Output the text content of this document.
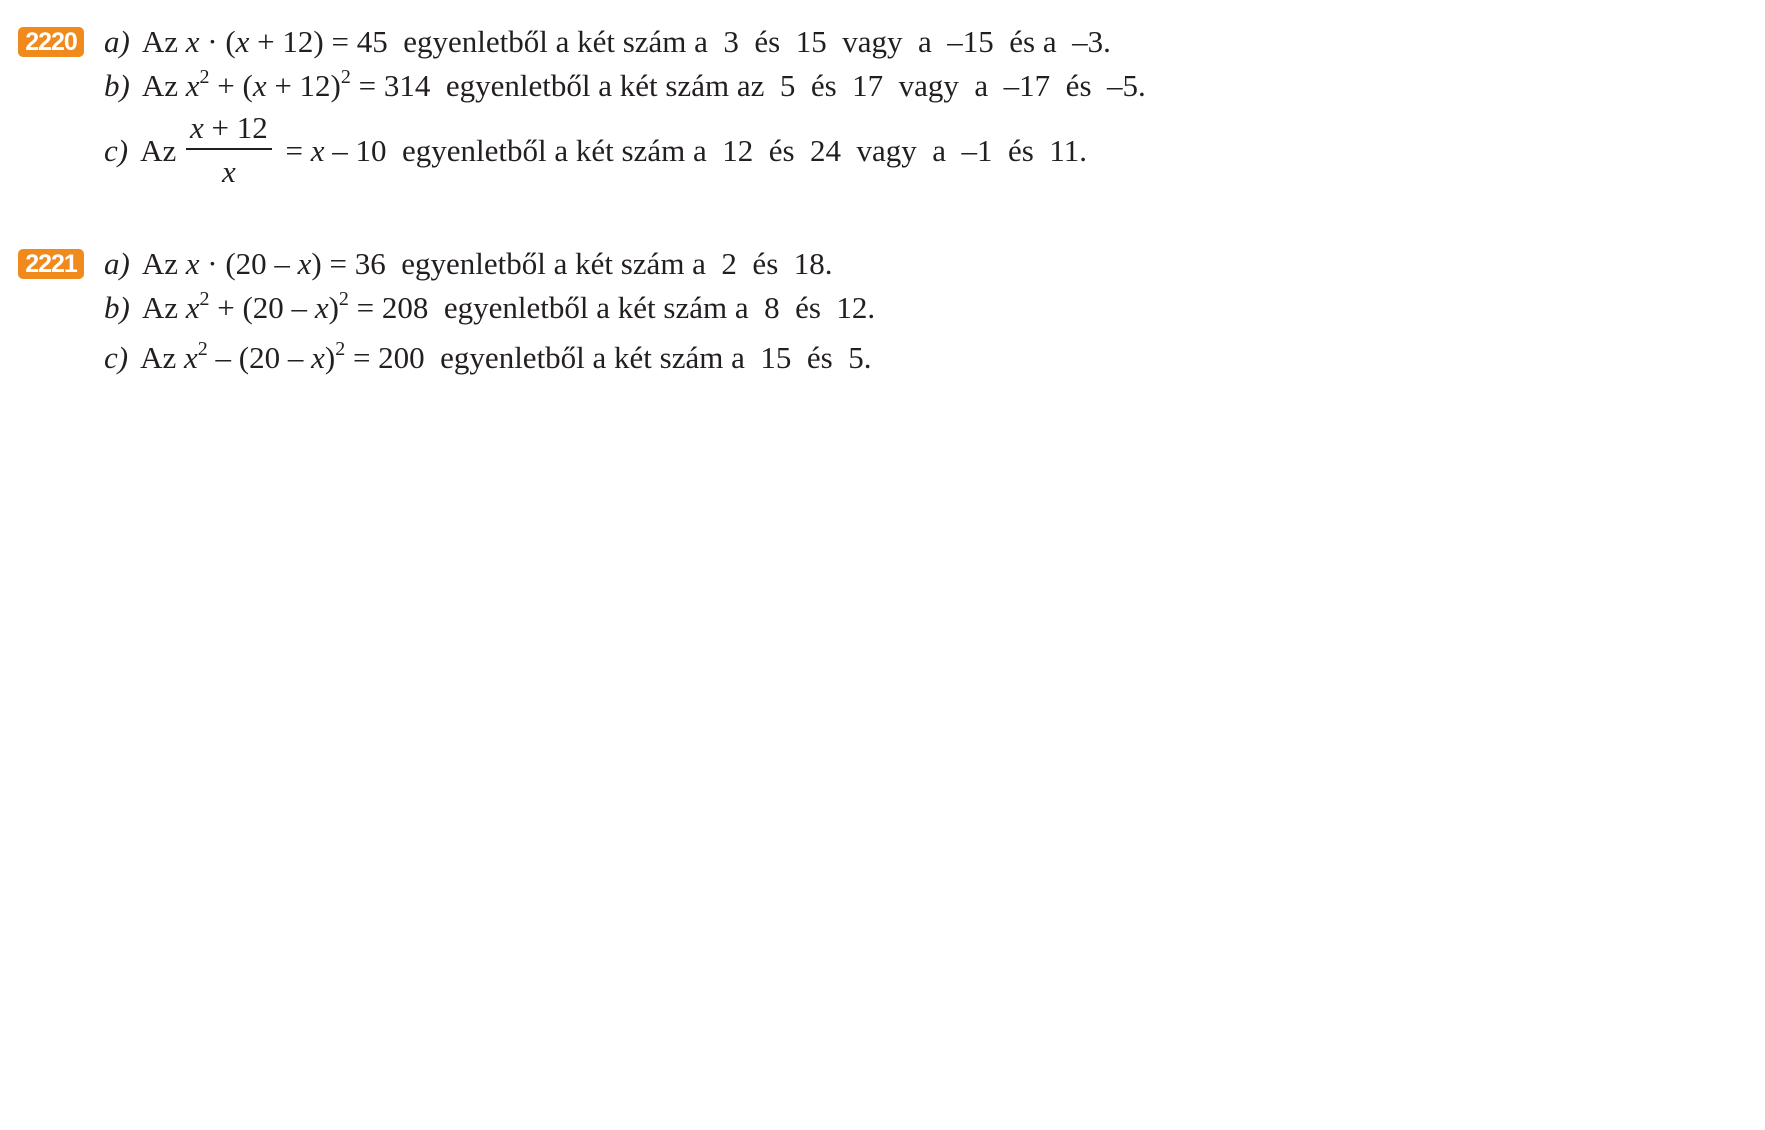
2220 a) Az x · (x + 12) = 45 egyenletből a két szám a  3  és  15  vagy  a  –15  és a  –3.
b) Az $x^2 + (x + 12)^2 = 314$ egyenletből a két szám az  5  és  17  vagy  a  –17  és  –5.
c) Az $\frac{x + 12}{x} = x - 10$ egyenletből a két szám a  12  és  24  vagy  a  –1  és  11.
2221 a) Az x · (20 – x) = 36 egyenletből a két szám a  2  és  18.
b) Az $x^2 + (20 - x)^2 = 208$ egyenletből a két szám a  8  és  12.
c) Az $x^2 - (20 - x)^2 = 200$ egyenletből a két szám a  15  és  5.
